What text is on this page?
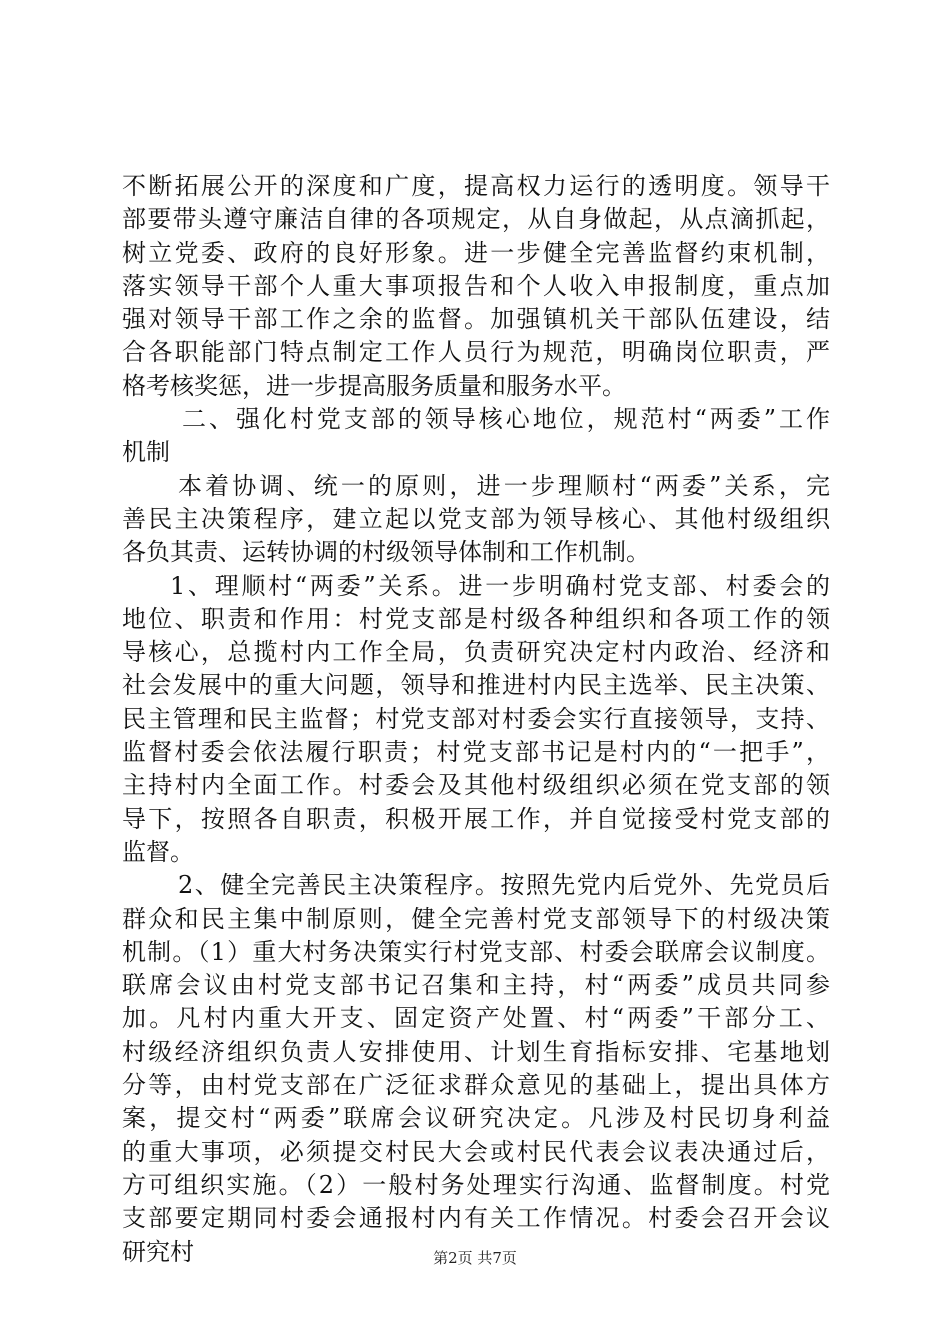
不断拓展公开的深度和广度，提高权力运行的透明度。领导干
部要带头遵守廉洁自律的各项规定，从自身做起，从点滴抓起，
树立党委、政府的良好形象。进一步健全完善监督约束机制，
落实领导干部个人重大事项报告和个人收入申报制度，重点加
强对领导干部工作之余的监督。加强镇机关干部队伍建设，结
合各职能部门特点制定工作人员行为规范，明确岗位职责，严
格考核奖惩，进一步提高服务质量和服务水平。
二、强化村党支部的领导核心地位，规范村“两委”工作
机制
本着协调、统一的原则，进一步理顺村“两委”关系，完
善民主决策程序，建立起以党支部为领导核心、其他村级组织
各负其责、运转协调的村级领导体制和工作机制。
1、理顺村“两委”关系。进一步明确村党支部、村委会的
地位、职责和作用：村党支部是村级各种组织和各项工作的领
导核心，总揽村内工作全局，负责研究决定村内政治、经济和
社会发展中的重大问题，领导和推进村内民主选举、民主决策、
民主管理和民主监督；村党支部对村委会实行直接领导，支持、
监督村委会依法履行职责；村党支部书记是村内的“一把手”，
主持村内全面工作。村委会及其他村级组织必须在党支部的领
导下，按照各自职责，积极开展工作，并自觉接受村党支部的
监督。
2、健全完善民主决策程序。按照先党内后党外、先党员后
群众和民主集中制原则，健全完善村党支部领导下的村级决策
机制。（1）重大村务决策实行村党支部、村委会联席会议制度。
联席会议由村党支部书记召集和主持，村“两委”成员共同参
加。凡村内重大开支、固定资产处置、村“两委”干部分工、
村级经济组织负责人安排使用、计划生育指标安排、宅基地划
分等，由村党支部在广泛征求群众意见的基础上，提出具体方
案，提交村“两委”联席会议研究决定。凡涉及村民切身利益
的重大事项，必须提交村民大会或村民代表会议表决通过后，
方可组织实施。（2）一般村务处理实行沟通、监督制度。村党
支部要定期同村委会通报村内有关工作情况。村委会召开会议
研究村	第2页 共7页
